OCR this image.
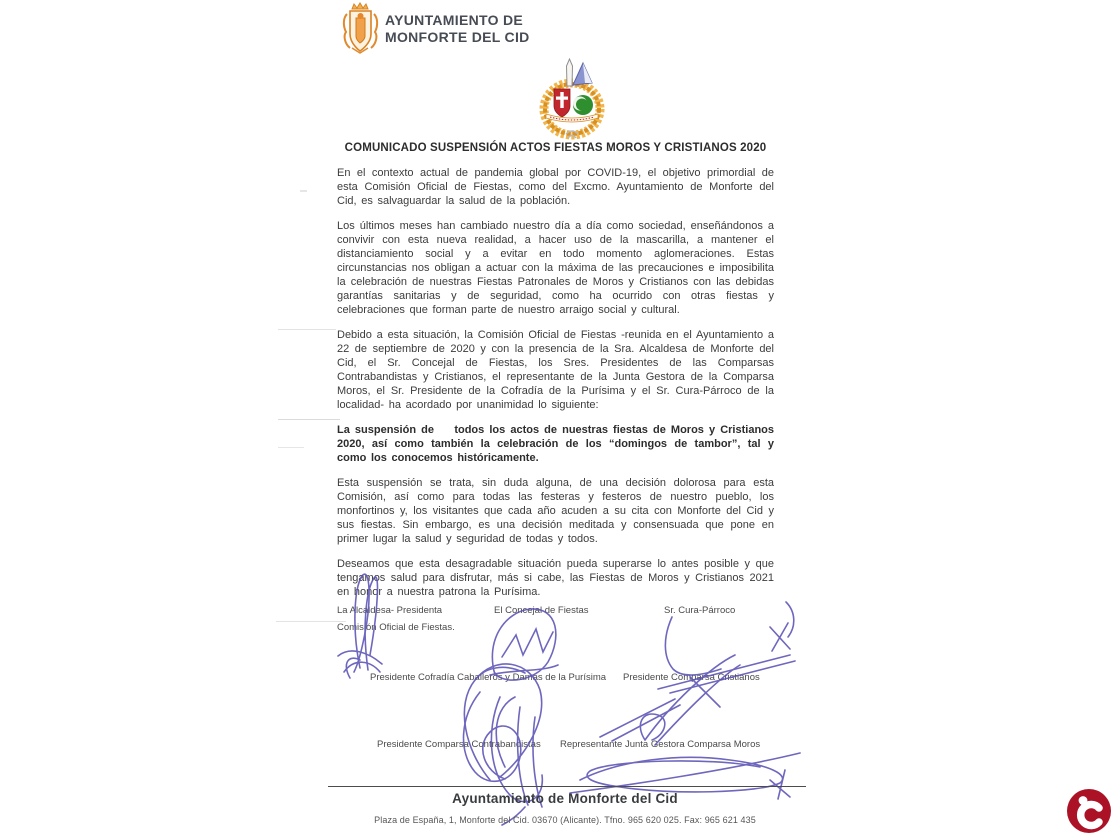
AYUNTAMIENTO DE
MONFORTE DEL CID
COMUNICADO SUSPENSIÓN ACTOS FIESTAS MOROS Y CRISTIANOS 2020

En el contexto actual de pandemia global por COVID-19, el objetivo primordial de esta Comisión Oficial de Fiestas, como del Excmo. Ayuntamiento de Monforte del Cid, es salvaguardar la salud de la población.

Los últimos meses han cambiado nuestro día a día como sociedad, enseñándonos a convivir con esta nueva realidad, a hacer uso de la mascarilla, a mantener el distanciamiento social y a evitar en todo momento aglomeraciones. Estas circunstancias nos obligan a actuar con la máxima de las precauciones e imposibilita la celebración de nuestras Fiestas Patronales de Moros y Cristianos con las debidas garantías sanitarias y de seguridad, como ha ocurrido con otras fiestas y celebraciones que forman parte de nuestro arraigo social y cultural.

Debido a esta situación, la Comisión Oficial de Fiestas -reunida en el Ayuntamiento a 22 de septiembre de 2020 y con la presencia de la Sra. Alcaldesa de Monforte del Cid, el Sr. Concejal de Fiestas, los Sres. Presidentes de las Comparsas Contrabandistas y Cristianos, el representante de la Junta Gestora de la Comparsa Moros, el Sr. Presidente de la Cofradía de la Purísima y el Sr. Cura-Párroco de la localidad- ha acordado por unanimidad lo siguiente:

La suspensión de    todos los actos de nuestras fiestas de Moros y Cristianos 2020, así como también la celebración de los “domingos de tambor”, tal y como los conocemos históricamente.

Esta suspensión se trata, sin duda alguna, de una decisión dolorosa para esta Comisión, así como para todas las festeras y festeros de nuestro pueblo, los monfortinos y, los visitantes que cada año acuden a su cita con Monforte del Cid y sus fiestas. Sin embargo, es una decisión meditada y consensuada que pone en primer lugar la salud y seguridad de todas y todos.

Deseamos que esta desagradable situación pueda superarse lo antes posible y que tengamos salud para disfrutar, más si cabe, las Fiestas de Moros y Cristianos 2021 en honor a nuestra patrona la Purísima.

La Alcaldesa- Presidenta
Comisión Oficial de Fiestas.
El Concejal de Fiestas	Sr. Cura-Párroco
Presidente Cofradía Caballeros y Damas de la Purísima Presidente Comparsa Cristianos
Presidente Comparsa Contrabandistas Representante Junta Gestora Comparsa Moros
Ayuntamiento de Monforte del Cid
Plaza de España, 1, Monforte del Cid. 03670 (Alicante). Tfno. 965 620 025. Fax: 965 621 435
c
